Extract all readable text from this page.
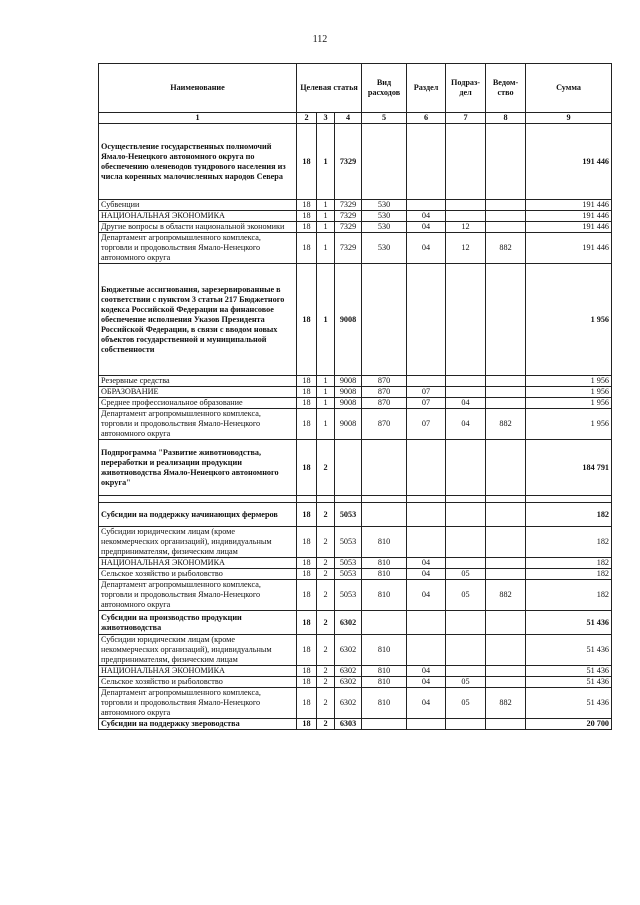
112
Наименование	Целевая статья			Вид расходов	Раздел	Подраз-дел	Ведом-ство	Сумма
1	2	3	4	5	6	7	8	9
Осуществление государственных полномочий Ямало-Ненецкого автономного округа по обеспечению оленеводов тундрового населения из числа коренных малочисленных народов Севера	18	1	7329					191 446
Субвенции	18	1	7329	530				191 446
НАЦИОНАЛЬНАЯ ЭКОНОМИКА	18	1	7329	530	04			191 446
Другие вопросы в области национальной экономики	18	1	7329	530	04	12		191 446
Департамент агропромышленного комплекса, торговли и продовольствия Ямало-Ненецкого автономного округа	18	1	7329	530	04	12	882	191 446
Бюджетные ассигнования, зарезервированные в соответствии с пунктом 3 статьи 217 Бюджетного кодекса Российской Федерации на финансовое обеспечение исполнения Указов Президента Российской Федерации, в связи с вводом новых объектов государственной и муниципальной собственности	18	1	9008					1 956
Резервные средства	18	1	9008	870				1 956
ОБРАЗОВАНИЕ	18	1	9008	870	07			1 956
Среднее профессиональное образование	18	1	9008	870	07	04		1 956
Департамент агропромышленного комплекса, торговли и продовольствия Ямало-Ненецкого автономного округа	18	1	9008	870	07	04	882	1 956
Подпрограмма "Развитие животноводства, переработки и реализации продукции животноводства Ямало-Ненецкого автономного округа"	18	2						184 791

Субсидии на поддержку начинающих фермеров	18	2	5053					182
Субсидии юридическим лицам (кроме некоммерческих организаций), индивидуальным предпринимателям, физическим лицам	18	2	5053	810				182
НАЦИОНАЛЬНАЯ ЭКОНОМИКА	18	2	5053	810	04			182
Сельское хозяйство и рыболовство	18	2	5053	810	04	05		182
Департамент агропромышленного комплекса, торговли и продовольствия Ямало-Ненецкого автономного округа	18	2	5053	810	04	05	882	182
Субсидии на производство продукции животноводства	18	2	6302					51 436
Субсидии юридическим лицам (кроме некоммерческих организаций), индивидуальным предпринимателям, физическим лицам	18	2	6302	810				51 436
НАЦИОНАЛЬНАЯ ЭКОНОМИКА	18	2	6302	810	04			51 436
Сельское хозяйство и рыболовство	18	2	6302	810	04	05		51 436
Департамент агропромышленного комплекса, торговли и продовольствия Ямало-Ненецкого автономного округа	18	2	6302	810	04	05	882	51 436
Субсидии на поддержку звероводства	18	2	6303					20 700
